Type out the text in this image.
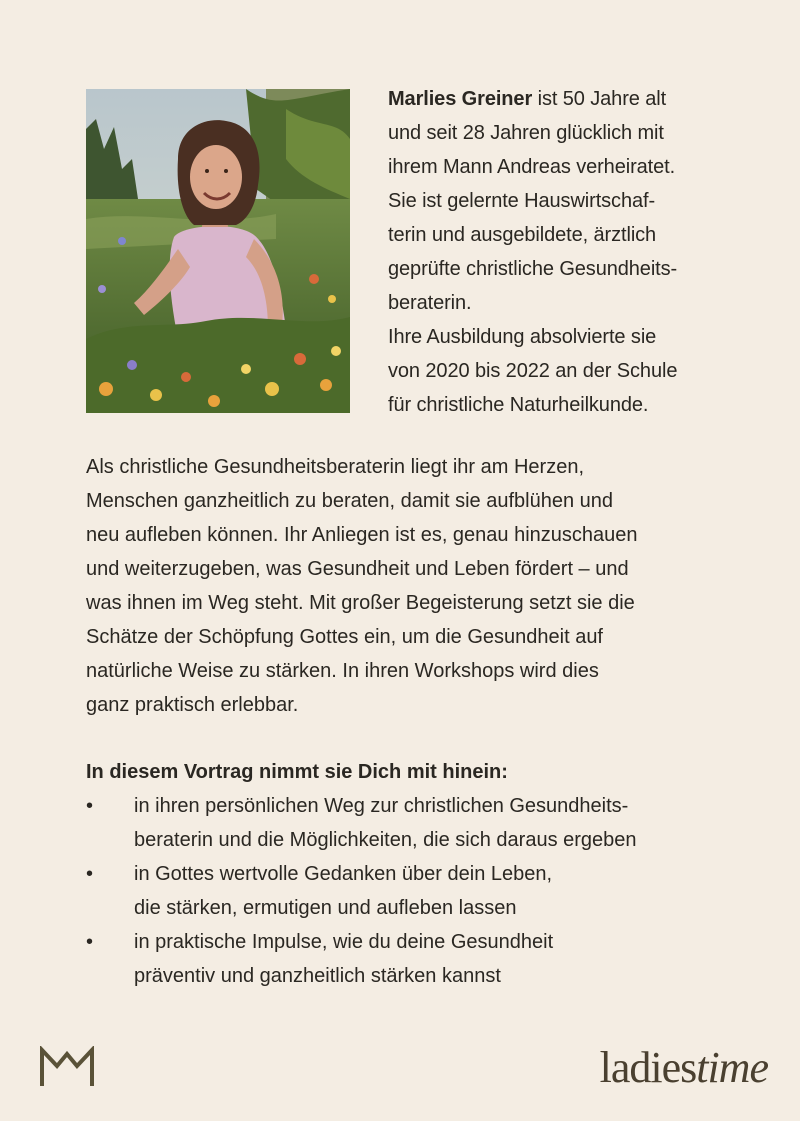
Marlies Greiner ist 50 Jahre alt

und seit 28 Jahren glücklich mit

ihrem Mann Andreas verheiratet.

Sie ist gelernte Hauswirtschaf-

terin und ausgebildete, ärztlich

geprüfte christliche Gesundheits-

beraterin.

Ihre Ausbildung absolvierte sie

von 2020 bis 2022 an der Schule

für christliche Naturheilkunde.

Als christliche Gesundheitsberaterin liegt ihr am Herzen,
Menschen ganzheitlich zu beraten, damit sie aufblühen und
neu aufleben können. Ihr Anliegen ist es, genau hinzuschauen
und weiterzugeben, was Gesundheit und Leben fördert – und
was ihnen im Weg steht. Mit großer Begeisterung setzt sie die
Schätze der Schöpfung Gottes ein, um die Gesundheit auf
natürliche Weise zu stärken. In ihren Workshops wird dies
ganz praktisch erlebbar.

In diesem Vortrag nimmt sie Dich mit hinein:

• in ihren persönlichen Weg zur christlichen Gesundheits-
beraterin und die Möglichkeiten, die sich daraus ergeben
• in Gottes wertvolle Gedanken über dein Leben,
die stärken, ermutigen und aufleben lassen
• in praktische Impulse, wie du deine Gesundheit
präventiv und ganzheitlich stärken kannst
ladiestime
